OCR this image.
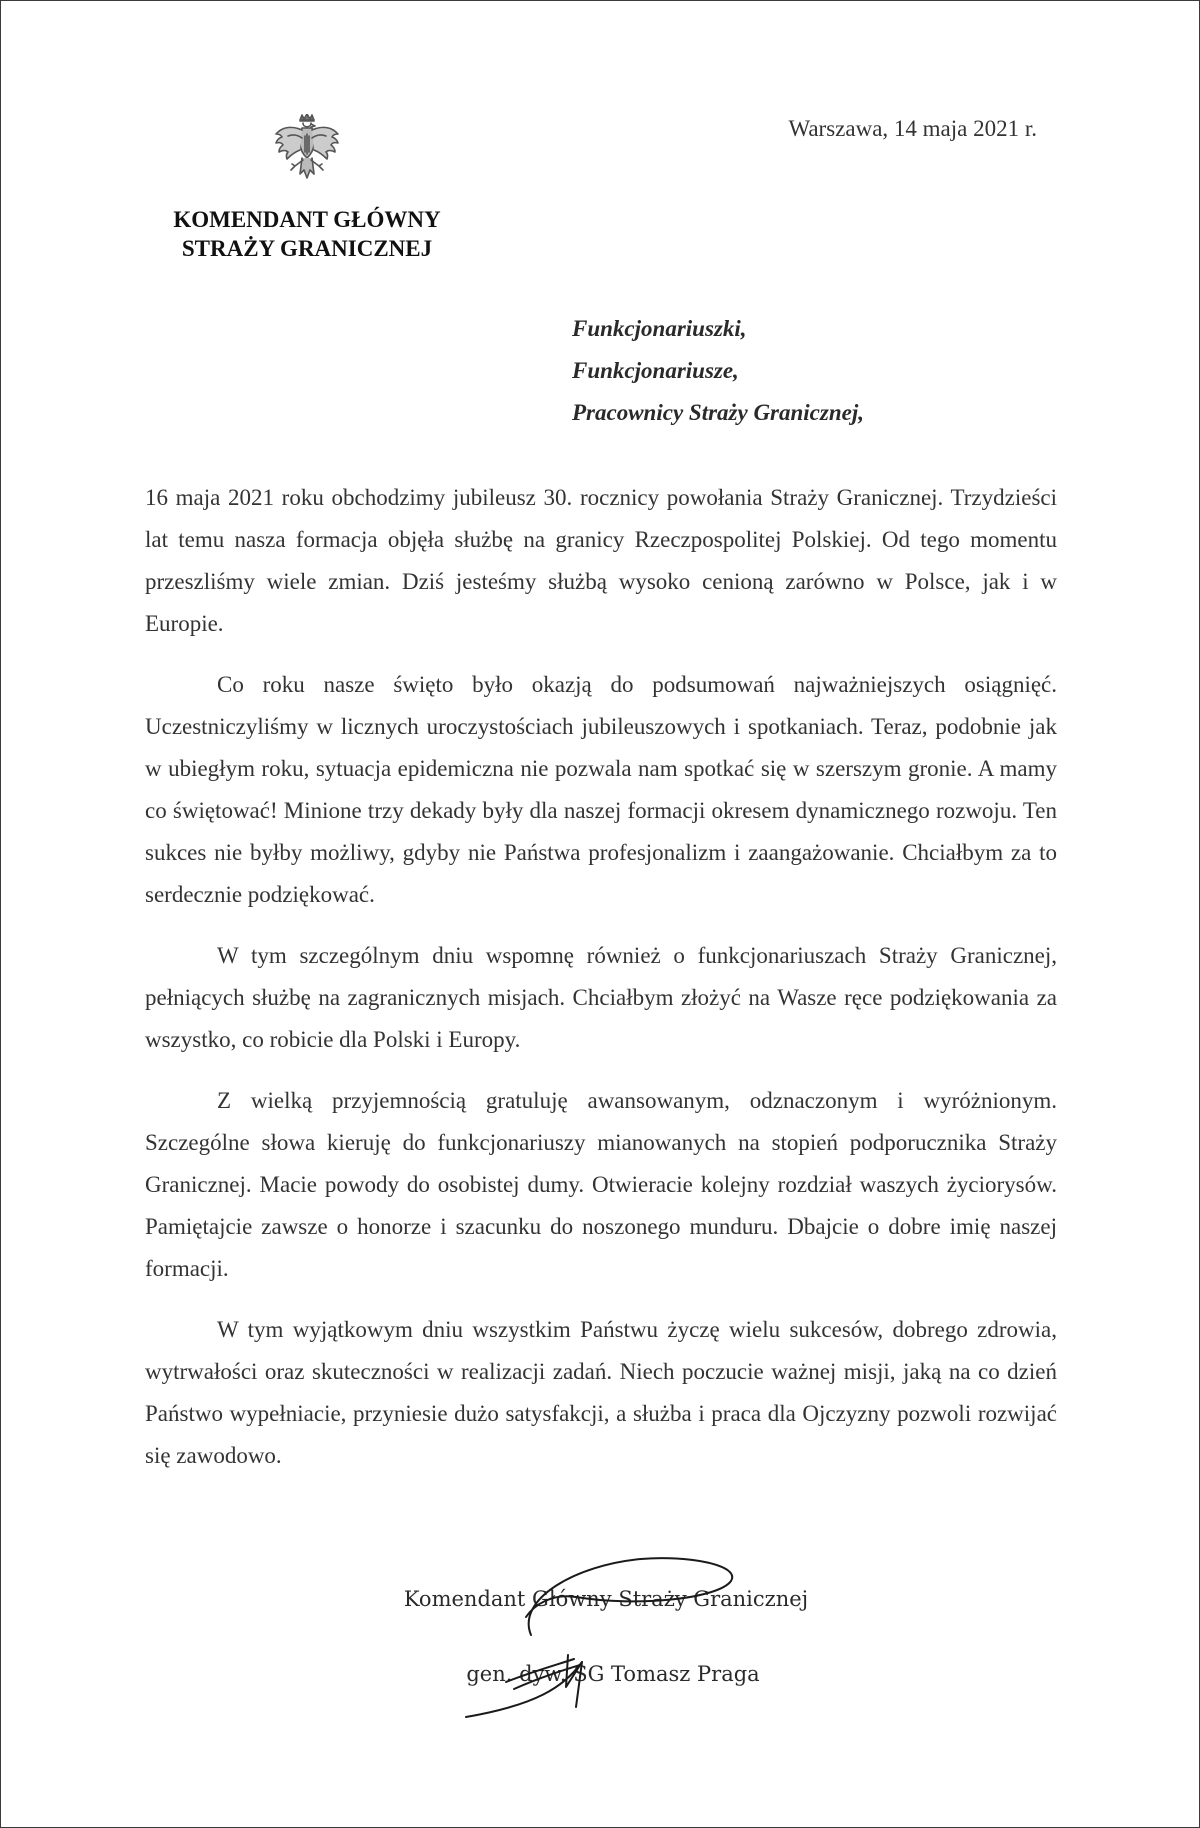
Warszawa, 14 maja 2021 r.
KOMENDANT GŁÓWNY
STRAŻY GRANICZNEJ
Funkcjonariuszki,
Funkcjonariusze,
Pracownicy Straży Granicznej,

16 maja 2021 roku obchodzimy jubileusz 30. rocznicy powołania Straży Granicznej. Trzydzieści lat temu nasza formacja objęła służbę na granicy Rzeczpospolitej Polskiej. Od tego momentu przeszliśmy wiele zmian. Dziś jesteśmy służbą wysoko cenioną zarówno w Polsce, jak i w Europie.

Co roku nasze święto było okazją do podsumowań najważniejszych osiągnięć. Uczestniczyliśmy w licznych uroczystościach jubileuszowych i spotkaniach. Teraz, podobnie jak w ubiegłym roku, sytuacja epidemiczna nie pozwala nam spotkać się w szerszym gronie. A mamy co świętować! Minione trzy dekady były dla naszej formacji okresem dynamicznego rozwoju. Ten sukces nie byłby możliwy, gdyby nie Państwa profesjonalizm i zaangażowanie. Chciałbym za to serdecznie podziękować.

W tym szczególnym dniu wspomnę również o funkcjonariuszach Straży Granicznej, pełniących służbę na zagranicznych misjach. Chciałbym złożyć na Wasze ręce podziękowania za wszystko, co robicie dla Polski i Europy.

Z wielką przyjemnością gratuluję awansowanym, odznaczonym i wyróżnionym. Szczególne słowa kieruję do funkcjonariuszy mianowanych na stopień podporucznika Straży Granicznej. Macie powody do osobistej dumy. Otwieracie kolejny rozdział waszych życiorysów. Pamiętajcie zawsze o honorze i szacunku do noszonego munduru. Dbajcie o dobre imię naszej formacji.

W tym wyjątkowym dniu wszystkim Państwu życzę wielu sukcesów, dobrego zdrowia, wytrwałości oraz skuteczności w realizacji zadań. Niech poczucie ważnej misji, jaką na co dzień Państwo wypełniacie, przyniesie dużo satysfakcji, a służba i praca dla Ojczyzny pozwoli rozwijać się zawodowo.

Komendant Główny Straży Granicznej
gen. dyw. SG Tomasz Praga
